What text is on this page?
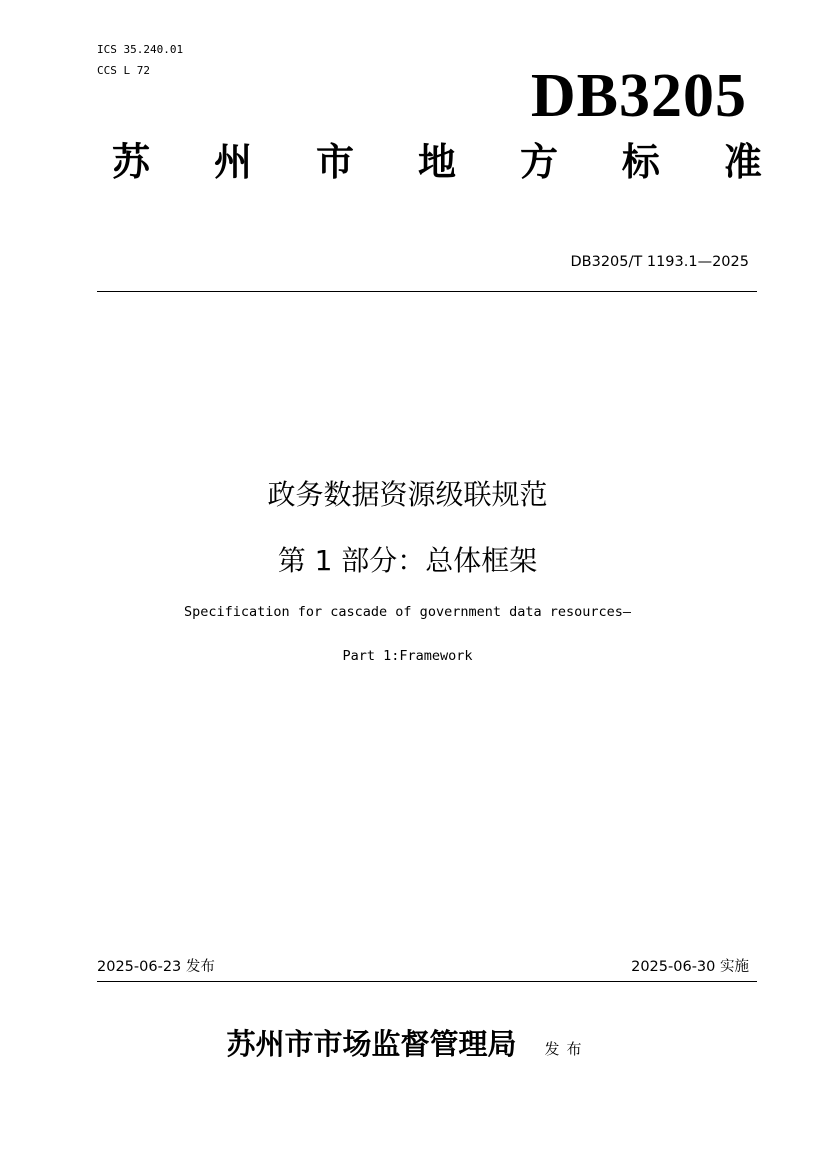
ICS 35.240.01
CCS L 72	DB3205
苏 州 市 地 方 标 准
DB3205/T 1193.1—2025
政务数据资源级联规范
第 1 部分：总体框架
Specification for cascade of government data resources—
Part 1:Framework
2025-06-23 发布	2025-06-30 实施
苏州市市场监督管理局 发布
